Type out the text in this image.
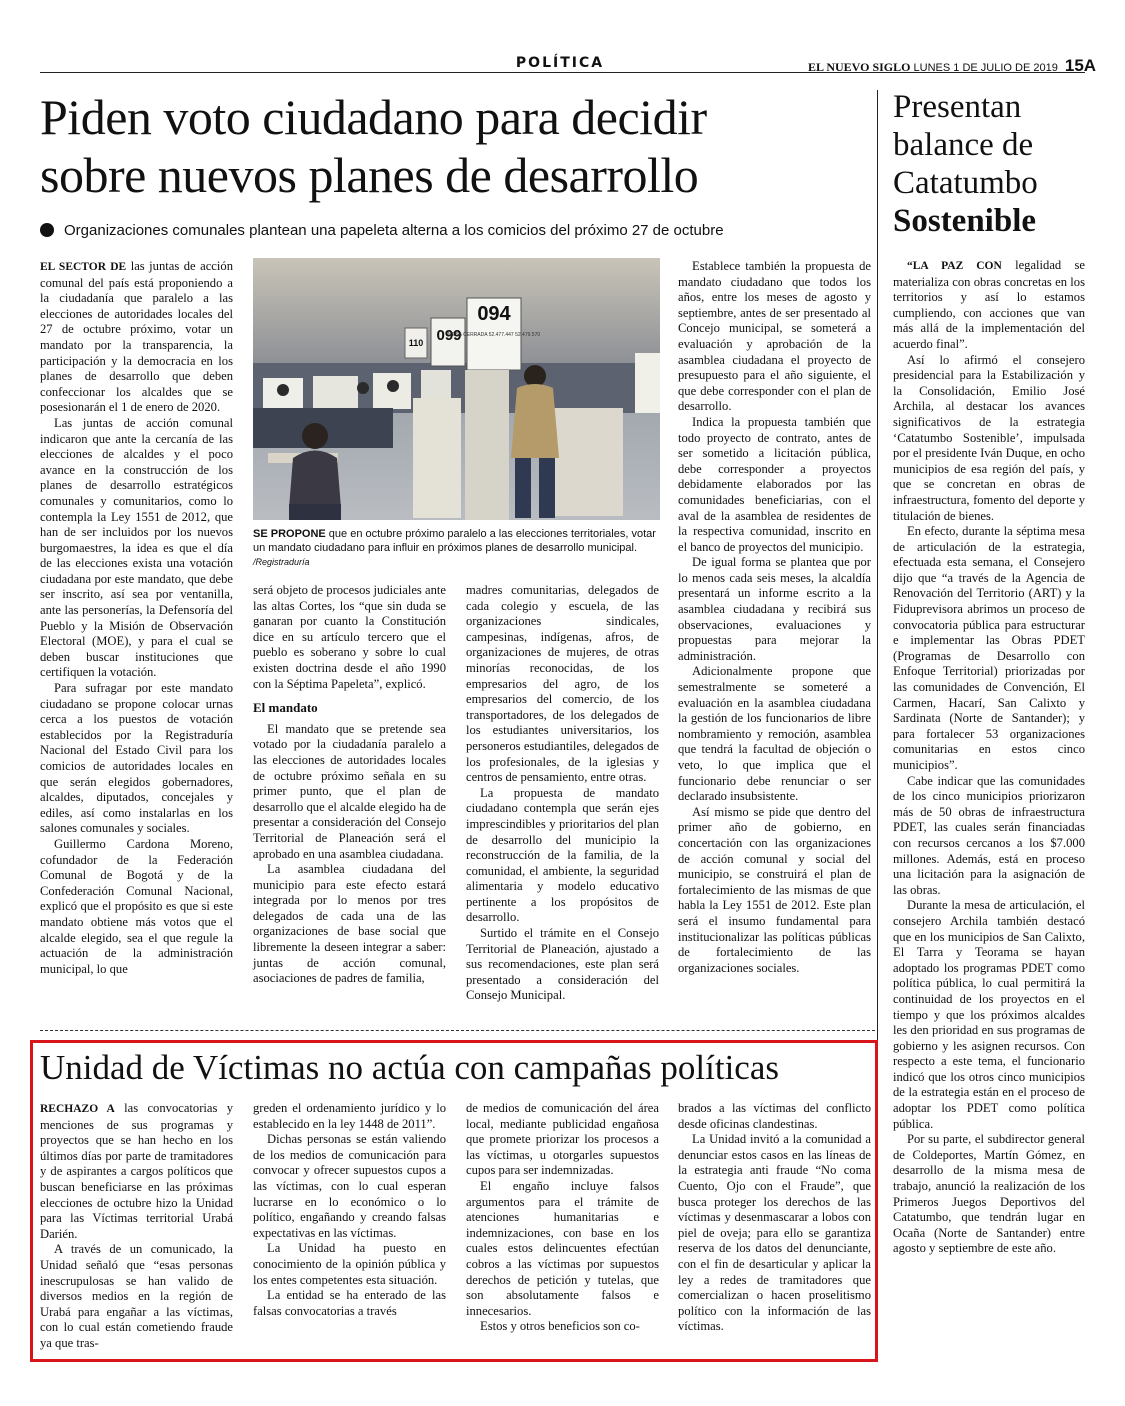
POLÍTICA	EL NUEVO SIGLO LUNES 1 DE JULIO DE 2019 15A
Piden voto ciudadano para decidir
sobre nuevos planes de desarrollo
Organizaciones comunales plantean una papeleta alterna a los comicios del próximo 27 de octubre

EL SECTOR DE las juntas de acción comunal del país está proponiendo a la ciudadanía que paralelo a las elecciones de autoridades locales del 27 de octubre próximo, votar un mandato por la transparencia, la participación y la democracia en los planes de desarrollo que deben confeccionar los alcaldes que se posesionarán el 1 de enero de 2020.

Las juntas de acción comunal indicaron que ante la cercanía de las elecciones de alcaldes y el poco avance en la construcción de los planes de desarrollo estratégicos comunales y comunitarios, como lo contempla la Ley 1551 de 2012, que han de ser incluidos por los nuevos burgomaestres, la idea es que el día de las elecciones exista una votación ciudadana por este mandato, que debe ser inscrito, así sea por ventanilla, ante las personerías, la Defensoría del Pueblo y la Misión de Observación Electoral (MOE), y para el cual se deben buscar instituciones que certifiquen la votación.

Para sufragar por este mandato ciudadano se propone colocar urnas cerca a los puestos de votación establecidos por la Registraduría Nacional del Estado Civil para los comicios de autoridades locales en que serán elegidos gobernadores, alcaldes, diputados, concejales y ediles, así como instalarlas en los salones comunales y sociales.

Guillermo Cardona Moreno, cofundador de la Federación Comunal de Bogotá y de la Confederación Comunal Nacional, explicó que el propósito es que si este mandato obtiene más votos que el alcalde elegido, sea el que regule la actuación de la administración municipal, lo que

099
094
MESA CERRADA 52.477.447 52.479.570
110
SE PROPONE que en octubre próximo paralelo a las elecciones territoriales, votar un mandato ciudadano para influir en próximos planes de desarrollo municipal. /Registraduría

será objeto de procesos judiciales ante las altas Cortes, los “que sin duda se ganaran por cuanto la Constitución dice en su artículo tercero que el pueblo es soberano y sobre lo cual existen doctrina desde el año 1990 con la Séptima Papeleta”, explicó.

El mandato

El mandato que se pretende sea votado por la ciudadanía paralelo a las elecciones de autoridades locales de octubre próximo señala en su primer punto, que el plan de desarrollo que el alcalde elegido ha de presentar a consideración del Consejo Territorial de Planeación será el aprobado en una asamblea ciudadana.

La asamblea ciudadana del municipio para este efecto estará integrada por lo menos por tres delegados de cada una de las organizaciones de base social que libremente la deseen integrar a saber: juntas de acción comunal, asociaciones de padres de familia,

madres comunitarias, delegados de cada colegio y escuela, de las organizaciones sindicales, campesinas, indígenas, afros, de organizaciones de mujeres, de otras minorías reconocidas, de los empresarios del agro, de los empresarios del comercio, de los transportadores, de los delegados de los estudiantes universitarios, los personeros estudiantiles, delegados de los profesionales, de la iglesias y centros de pensamiento, entre otras.

La propuesta de mandato ciudadano contempla que serán ejes imprescindibles y prioritarios del plan de desarrollo del municipio la reconstrucción de la familia, de la comunidad, el ambiente, la seguridad alimentaria y modelo educativo pertinente a los propósitos de desarrollo.

Surtido el trámite en el Consejo Territorial de Planeación, ajustado a sus recomendaciones, este plan será presentado a consideración del Consejo Municipal.

Establece también la propuesta de mandato ciudadano que todos los años, entre los meses de agosto y septiembre, antes de ser presentado al Concejo municipal, se someterá a evaluación y aprobación de la asamblea ciudadana el proyecto de presupuesto para el año siguiente, el que debe corresponder con el plan de desarrollo.

Indica la propuesta también que todo proyecto de contrato, antes de ser sometido a licitación pública, debe corresponder a proyectos debidamente elaborados por las comunidades beneficiarias, con el aval de la asamblea de residentes de la respectiva comunidad, inscrito en el banco de proyectos del municipio.

De igual forma se plantea que por lo menos cada seis meses, la alcaldía presentará un informe escrito a la asamblea ciudadana y recibirá sus observaciones, evaluaciones y propuestas para mejorar la administración.

Adicionalmente propone que semestralmente se someteré a evaluación en la asamblea ciudadana la gestión de los funcionarios de libre nombramiento y remoción, asamblea que tendrá la facultad de objeción o veto, lo que implica que el funcionario debe renunciar o ser declarado insubsistente.

Así mismo se pide que dentro del primer año de gobierno, en concertación con las organizaciones de acción comunal y social del municipio, se construirá el plan de fortalecimiento de las mismas de que habla la Ley 1551 de 2012. Este plan será el insumo fundamental para institucionalizar las políticas públicas de fortalecimiento de las organizaciones sociales.

Presentan
balance de
Catatumbo
Sostenible

“LA PAZ CON legalidad se materializa con obras concretas en los territorios y así lo estamos cumpliendo, con acciones que van más allá de la implementación del acuerdo final”.

Así lo afirmó el consejero presidencial para la Estabilización y la Consolidación, Emilio José Archila, al destacar los avances significativos de la estrategia ‘Catatumbo Sostenible’, impulsada por el presidente Iván Duque, en ocho municipios de esa región del país, y que se concretan en obras de infraestructura, fomento del deporte y titulación de bienes.

En efecto, durante la séptima mesa de articulación de la estrategia, efectuada esta semana, el Consejero dijo que “a través de la Agencia de Renovación del Territorio (ART) y la Fiduprevisora abrimos un proceso de convocatoria pública para estructurar e implementar las Obras PDET (Programas de Desarrollo con Enfoque Territorial) priorizadas por las comunidades de Convención, El Carmen, Hacarí, San Calixto y Sardinata (Norte de Santander); y para fortalecer 53 organizaciones comunitarias en estos cinco municipios”.

Cabe indicar que las comunidades de los cinco municipios priorizaron más de 50 obras de infraestructura PDET, las cuales serán financiadas con recursos cercanos a los $7.000 millones. Además, está en proceso una licitación para la asignación de las obras.

Durante la mesa de articulación, el consejero Archila también destacó que en los municipios de San Calixto, El Tarra y Teorama se hayan adoptado los programas PDET como política pública, lo cual permitirá la continuidad de los proyectos en el tiempo y que los próximos alcaldes les den prioridad en sus programas de gobierno y les asignen recursos. Con respecto a este tema, el funcionario indicó que los otros cinco municipios de la estrategia están en el proceso de adoptar los PDET como política pública.

Por su parte, el subdirector general de Coldeportes, Martín Gómez, en desarrollo de la misma mesa de trabajo, anunció la realización de los Primeros Juegos Deportivos del Catatumbo, que tendrán lugar en Ocaña (Norte de Santander) entre agosto y septiembre de este año.

Unidad de Víctimas no actúa con campañas políticas

RECHAZO A las convocatorias y menciones de sus programas y proyectos que se han hecho en los últimos días por parte de tramitadores y de aspirantes a cargos políticos que buscan beneficiarse en las próximas elecciones de octubre hizo la Unidad para las Víctimas territorial Urabá Darién.

A través de un comunicado, la Unidad señaló que “esas personas inescrupulosas se han valido de diversos medios en la región de Urabá para engañar a las víctimas, con lo cual están cometiendo fraude ya que tras-

greden el ordenamiento jurídico y lo establecido en la ley 1448 de 2011”.

Dichas personas se están valiendo de los medios de comunicación para convocar y ofrecer supuestos cupos a las víctimas, con lo cual esperan lucrarse en lo económico o lo político, engañando y creando falsas expectativas en las víctimas.

La Unidad ha puesto en conocimiento de la opinión pública y los entes competentes esta situación.

La entidad se ha enterado de las falsas convocatorias a través

de medios de comunicación del área local, mediante publicidad engañosa que promete priorizar los procesos a las víctimas, u otorgarles supuestos cupos para ser indemnizadas.

El engaño incluye falsos argumentos para el trámite de atenciones humanitarias e indemnizaciones, con base en los cuales estos delincuentes efectúan cobros a las víctimas por supuestos derechos de petición y tutelas, que son absolutamente falsos e innecesarios.

Estos y otros beneficios son co-

brados a las víctimas del conflicto desde oficinas clandestinas.

La Unidad invitó a la comunidad a denunciar estos casos en las líneas de la estrategia anti fraude “No coma Cuento, Ojo con el Fraude”, que busca proteger los derechos de las víctimas y desenmascarar a lobos con piel de oveja; para ello se garantiza reserva de los datos del denunciante, con el fin de desarticular y aplicar la ley a redes de tramitadores que comercializan o hacen proselitismo político con la información de las víctimas.
